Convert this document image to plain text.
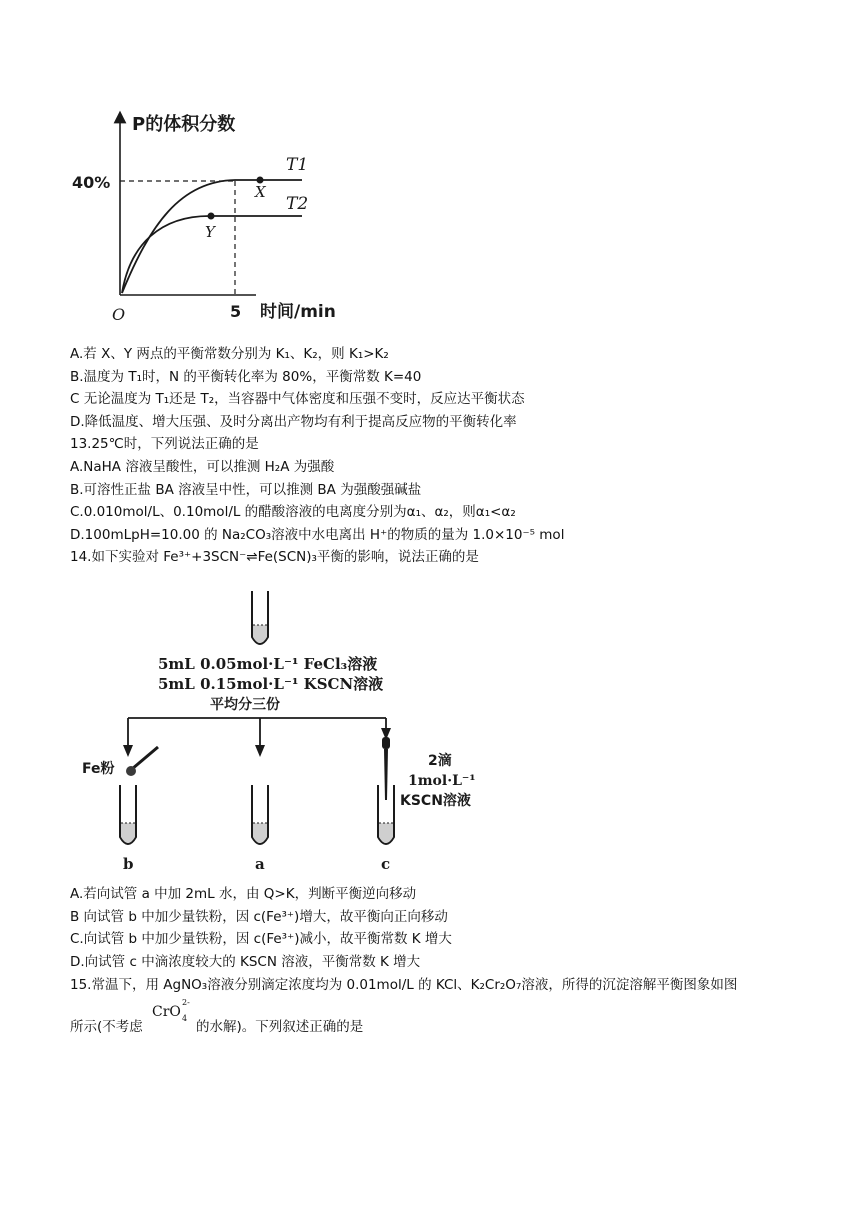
P的体积分数
时间/min
O	5
40%	X
Y
T1
T2
A.若 X、Y 两点的平衡常数分别为 K₁、K₂，则 K₁>K₂
B.温度为 T₁时，N 的平衡转化率为 80%，平衡常数 K=40
C 无论温度为 T₁还是 T₂，当容器中气体密度和压强不变时，反应达平衡状态
D.降低温度、增大压强、及时分离出产物均有利于提高反应物的平衡转化率
13.25℃时，下列说法正确的是
A.NaHA 溶液呈酸性，可以推测 H₂A 为强酸
B.可溶性正盐 BA 溶液呈中性，可以推测 BA 为强酸强碱盐
C.0.010mol/L、0.10mol/L 的醋酸溶液的电离度分别为α₁、α₂，则α₁<α₂
D.100mLpH=10.00 的 Na₂CO₃溶液中水电离出 H⁺的物质的量为 1.0×10⁻⁵ mol
14.如下实验对 Fe³⁺+3SCN⁻⇌Fe(SCN)₃平衡的影响，说法正确的是
5mL 0.05mol·L⁻¹ FeCl₃溶液
5mL 0.15mol·L⁻¹ KSCN溶液
平均分三份
Fe粉	2滴
1mol·L⁻¹
KSCN溶液
b	a	c
A.若向试管 a 中加 2mL 水，由 Q>K，判断平衡逆向移动
B 向试管 b 中加少量铁粉，因 c(Fe³⁺)增大，故平衡向正向移动
C.向试管 b 中加少量铁粉，因 c(Fe³⁺)减小，故平衡常数 K 增大
D.向试管 c 中滴浓度较大的 KSCN 溶液，平衡常数 K 增大
15.常温下，用 AgNO₃溶液分别滴定浓度均为 0.01mol/L 的 KCl、K₂Cr₂O₇溶液，所得的沉淀溶解平衡图象如图
所示(不考虑
CrO
2-
4
的水解)。下列叙述正确的是
